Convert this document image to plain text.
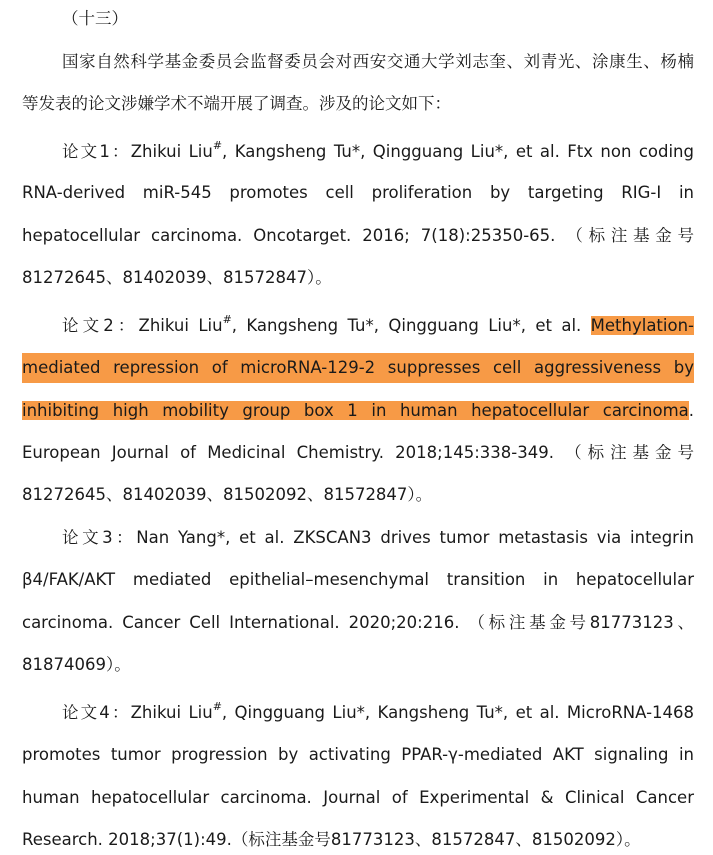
（十三）
国家自然科学基金委员会监督委员会对西安交通大学刘志奎、刘青光、涂康生、杨楠
等发表的论文涉嫌学术不端开展了调查。涉及的论文如下：
论文1：Zhikui Liu#, Kangsheng Tu*, Qingguang Liu*, et al. Ftx non coding
RNA-derived miR-545 promotes cell proliferation by targeting RIG-I in
hepatocellular carcinoma. Oncotarget. 2016; 7(18):25350-65. （标注基金号
81272645、81402039、81572847）。
论文2：Zhikui Liu#, Kangsheng Tu*, Qingguang Liu*, et al. Methylation-
mediated repression of microRNA-129-2 suppresses cell aggressiveness by
inhibiting high mobility group box 1 in human hepatocellular carcinoma.
European Journal of Medicinal Chemistry. 2018;145:338-349. （标注基金号
81272645、81402039、81502092、81572847）。
论文3：Nan Yang*, et al. ZKSCAN3 drives tumor metastasis via integrin
β4/FAK/AKT mediated epithelial–mesenchymal transition in hepatocellular
carcinoma. Cancer Cell International. 2020;20:216. （标注基金号81773123、
81874069）。
论文4：Zhikui Liu#, Qingguang Liu*, Kangsheng Tu*, et al. MicroRNA-1468
promotes tumor progression by activating PPAR-γ-mediated AKT signaling in
human hepatocellular carcinoma. Journal of Experimental & Clinical Cancer
Research. 2018;37(1):49.（标注基金号81773123、81572847、81502092）。
